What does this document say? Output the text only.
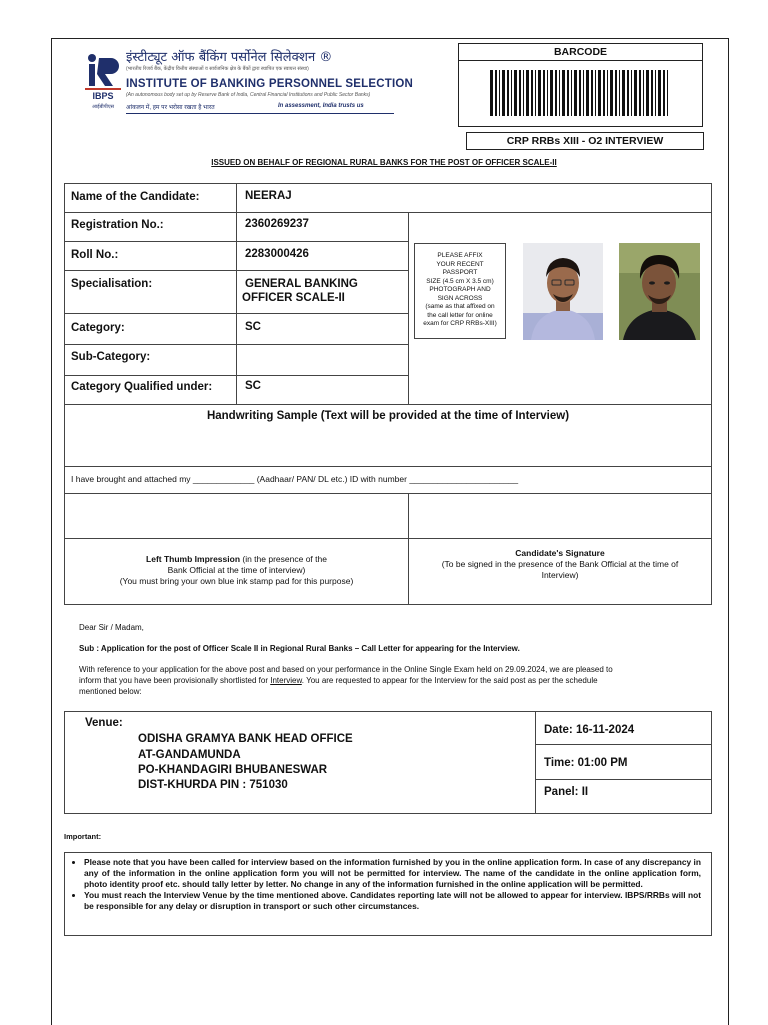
IBPS
आईबीपीएस
इंस्टीट्यूट ऑफ बैंकिंग पर्सोनेल सिलेक्शन ®
(भारतीय रिजर्व बैंक, केंद्रीय वित्तीय संस्थाओं व सार्वजनिक क्षेत्र के बैंकों द्वारा स्थापित एक स्वायत्त संस्था)
INSTITUTE OF BANKING PERSONNEL SELECTION
(An autonomous body set up by Reserve Bank of India, Central Financial Institutions and Public Sector Banks)
आंकलन में, हम पर भरोसा रखता है भारत	In assessment, India trusts us
BARCODE
CRP RRBs XIII - O2 INTERVIEW
ISSUED ON BEHALF OF REGIONAL RURAL BANKS FOR THE POST OF OFFICER SCALE-II
Name of the Candidate:	NEERAJ
Registration No.:	2360269237
Roll No.:	2283000426
Specialisation:	GENERAL BANKING
OFFICER SCALE-II
Category:	SC
Sub-Category:
Category Qualified under:	SC
PLEASE AFFIX
YOUR RECENT
PASSPORT
SIZE (4.5 cm X 3.5 cm)
PHOTOGRAPH AND
SIGN ACROSS
(same as that affixed on
the call letter for online
exam for CRP RRBs-XIII)
Handwriting Sample (Text will be provided at the time of Interview)
I have brought and attached my _____________ (Aadhaar/ PAN/ DL etc.) ID with number _______________________
Left Thumb Impression (in the presence of the
Bank Official at the time of interview)
(You must bring your own blue ink stamp pad for this purpose)
Candidate's Signature
(To be signed in the presence of the Bank Official at the time of
Interview)
Dear Sir / Madam,
Sub : Application for the post of Officer Scale II in Regional Rural Banks – Call Letter for appearing for the Interview.
With reference to your application for the above post and based on your performance in the Online Single Exam held on 29.09.2024, we are pleased to
inform that you have been provisionally shortlisted for Interview. You are requested to appear for the Interview for the said post as per the schedule
mentioned below:
Venue:
ODISHA GRAMYA BANK HEAD OFFICE
AT-GANDAMUNDA
PO-KHANDAGIRI BHUBANESWAR
DIST-KHURDA PIN : 751030
Date: 16-11-2024
Time: 01:00 PM
Panel: II
Important:
• Please note that you have been called for interview based on the information furnished by you in the online application form. In case of any discrepancy in any of the information in the online application form you will not be permitted for interview. The name of the candidate in the online application form, photo identity proof etc. should tally letter by letter. No change in any of the information furnished in the online application will be permitted.
• You must reach the Interview Venue by the time mentioned above. Candidates reporting late will not be allowed to appear for interview. IBPS/RRBs will not be responsible for any delay or disruption in transport or such other circumstances.
